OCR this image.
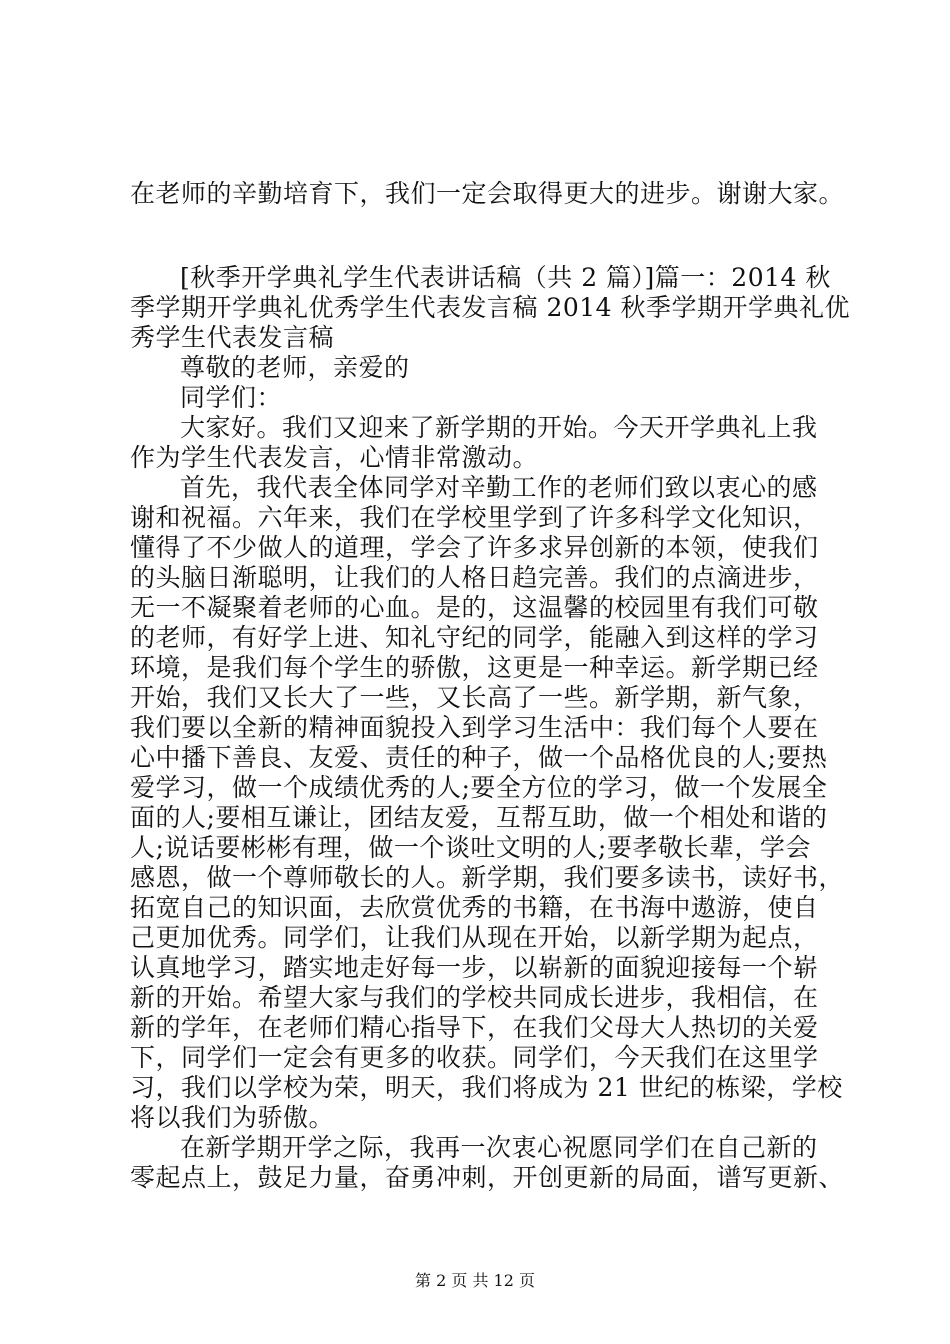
在老师的辛勤培育下，我们一定会取得更大的进步。谢谢大家。
[秋季开学典礼学生代表讲话稿（共 2 篇）]篇一：2014 秋
季学期开学典礼优秀学生代表发言稿 2014 秋季学期开学典礼优
秀学生代表发言稿
尊敬的老师，亲爱的
同学们：
大家好。我们又迎来了新学期的开始。今天开学典礼上我
作为学生代表发言，心情非常激动。
首先，我代表全体同学对辛勤工作的老师们致以衷心的感
谢和祝福。六年来，我们在学校里学到了许多科学文化知识，
懂得了不少做人的道理，学会了许多求异创新的本领，使我们
的头脑日渐聪明，让我们的人格日趋完善。我们的点滴进步，
无一不凝聚着老师的心血。是的，这温馨的校园里有我们可敬
的老师，有好学上进、知礼守纪的同学，能融入到这样的学习
环境，是我们每个学生的骄傲，这更是一种幸运。新学期已经
开始，我们又长大了一些，又长高了一些。新学期，新气象，
我们要以全新的精神面貌投入到学习生活中：我们每个人要在
心中播下善良、友爱、责任的种子，做一个品格优良的人;要热
爱学习，做一个成绩优秀的人;要全方位的学习，做一个发展全
面的人;要相互谦让，团结友爱，互帮互助，做一个相处和谐的
人;说话要彬彬有理，做一个谈吐文明的人;要孝敬长辈，学会
感恩，做一个尊师敬长的人。新学期，我们要多读书，读好书，
拓宽自己的知识面，去欣赏优秀的书籍，在书海中遨游，使自
己更加优秀。同学们，让我们从现在开始，以新学期为起点，
认真地学习，踏实地走好每一步，以崭新的面貌迎接每一个崭
新的开始。希望大家与我们的学校共同成长进步，我相信，在
新的学年，在老师们精心指导下，在我们父母大人热切的关爱
下，同学们一定会有更多的收获。同学们，今天我们在这里学
习，我们以学校为荣，明天，我们将成为 21 世纪的栋梁，学校
将以我们为骄傲。
在新学期开学之际，我再一次衷心祝愿同学们在自己新的
零起点上，鼓足力量，奋勇冲刺，开创更新的局面，谱写更新、
第 2 页 共 12 页
